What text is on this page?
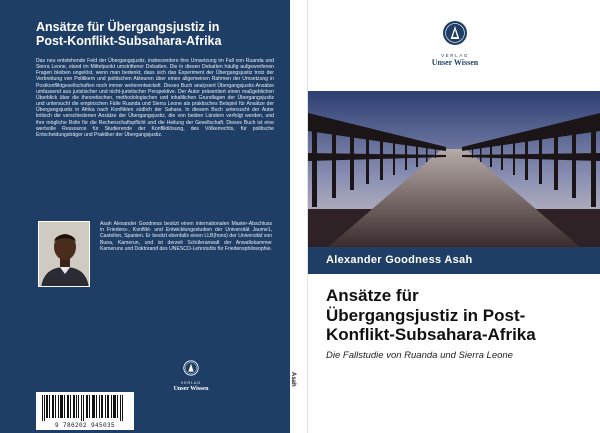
Ansätze für Übergangsjustiz in
Post-Konflikt-Subsahara-Afrika
Das neu entstehende Feld der Übergangsjustiz, insbesondere ihre Umsetzung im Fall von Ruanda und Sierra Leone, stand im Mittelpunkt umstrittener Debatten. Die in diesen Debatten häufig aufgeworfenen Fragen bleiben ungelöst, wenn man bedenkt, dass sich das Experiment der Übergangsjustiz trotz der Verbreitung von Politikern und politischen Akteuren über einen allgemeinen Rahmen der Umsetzung in Postkonfliktgesellschaften noch immer weiterentwickelt. Dieses Buch analysiert Übergangsjustiz-Ansätze umfassend aus juristischer und nicht-juristischer Perspektive. Der Autor präsentiert einen maßgeblichen Überblick über die theoretischen, methodologischen und inhaltlichen Grundlagen der Übergangsjustiz und untersucht die empirischen Fälle Ruanda und Sierra Leone als praktisches Beispiel für Ansätze der Übergangsjustiz in Afrika nach Konflikten südlich der Sahara. In diesem Buch untersucht der Autor kritisch die verschiedenen Ansätze der Übergangsjustiz, die von beiden Ländern verfolgt werden, und ihre mögliche Rolle für die Rechenschaftspflicht und die Heilung der Gesellschaft. Dieses Buch ist eine wertvolle Ressource für Studierende der Konfliktlösung, des Völkerrechts, für politische Entscheidungsträger und Praktiker der Übergangsjustiz.
Asah Alexander Goodness besitzt einen internationalen Master-Abschluss in Friedens-, Konflikt- und Entwicklungsstudien der Universität Jaume1, Castellon, Spanien. Er besitzt ebenfalls einen LLB(hons) der Universität von Buea, Kamerun, und ist derzeit Schüleranwalt der Anwaltskammer Kameruns und Doktorand des UNESCO-Lehrstuhls für Friedensphilosophie.
VERLAG
Unser Wissen
9 786202 945035
Asah
VERLAG
Unser Wissen
Alexander Goodness Asah
Ansätze für
Übergangsjustiz in Post-
Konflikt-Subsahara-Afrika
Die Fallstudie von Ruanda und Sierra Leone
